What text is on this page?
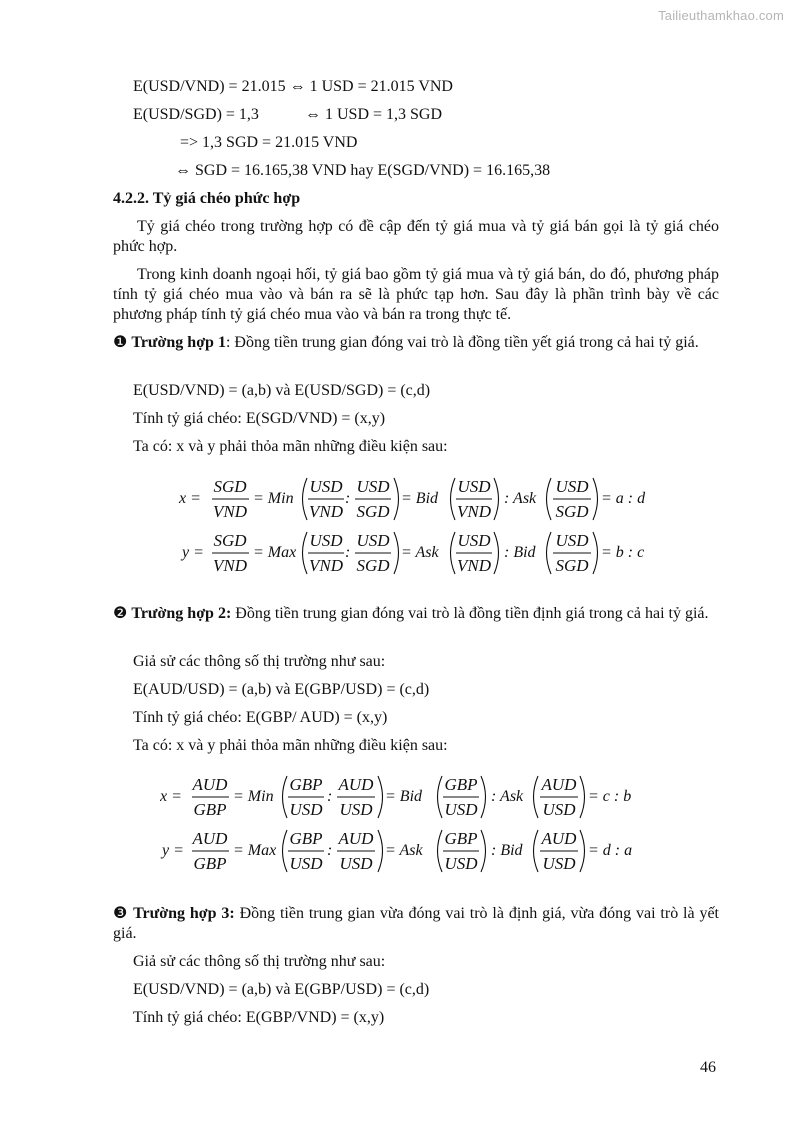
Tailieuthamkhao.com
E(USD/VND) = 21.015 ⇔ 1 USD = 21.015 VND
E(USD/SGD) = 1,3	⇔ 1 USD = 1,3 SGD
=> 1,3 SGD = 21.015 VND
⇔ SGD = 16.165,38 VND hay E(SGD/VND) = 16.165,38
4.2.2. Tỷ giá chéo phức hợp
Tỷ giá chéo trong trường hợp có đề cập đến tỷ giá mua và tỷ giá bán gọi là tỷ giá chéo phức hợp.
Trong kinh doanh ngoại hối, tỷ giá bao gồm tỷ giá mua và tỷ giá bán, do đó, phương pháp tính tỷ giá chéo mua vào và bán ra sẽ là phức tạp hơn. Sau đây là phần trình bày về các phương pháp tính tỷ giá chéo mua vào và bán ra trong thực tế.
❶ Trường hợp 1: Đồng tiền trung gian đóng vai trò là đồng tiền yết giá trong cả hai tỷ giá.
E(USD/VND) = (a,b) và E(USD/SGD) = (c,d)
Tính tỷ giá chéo: E(SGD/VND) = (x,y)
Ta có: x và y phải thỏa mãn những điều kiện sau:
x =
SGD
VND
= Min
USD
VND
:
USD
SGD
= Bid
USD
VND
: Ask
USD
SGD
= a : d
y =
SGD
VND
= Max
USD
VND
:
USD
SGD
= Ask
USD
VND
: Bid
USD
SGD
= b : c
❷ Trường hợp 2: Đồng tiền trung gian đóng vai trò là đồng tiền định giá trong cả hai tỷ giá.
Giả sử các thông số thị trường như sau:
E(AUD/USD) = (a,b) và E(GBP/USD) = (c,d)
Tính tỷ giá chéo: E(GBP/ AUD) = (x,y)
Ta có: x và y phải thỏa mãn những điều kiện sau:
x =
AUD
GBP
= Min
GBP
USD
:
AUD
USD
= Bid
GBP
USD
: Ask
AUD
USD
= c : b
y =
AUD
GBP
= Max
GBP
USD
:
AUD
USD
= Ask
GBP
USD
: Bid
AUD
USD
= d : a
❸ Trường hợp 3: Đồng tiền trung gian vừa đóng vai trò là định giá, vừa đóng vai trò là yết giá.
Giả sử các thông số thị trường như sau:
E(USD/VND) = (a,b) và E(GBP/USD) = (c,d)
Tính tỷ giá chéo: E(GBP/VND) = (x,y)
46
